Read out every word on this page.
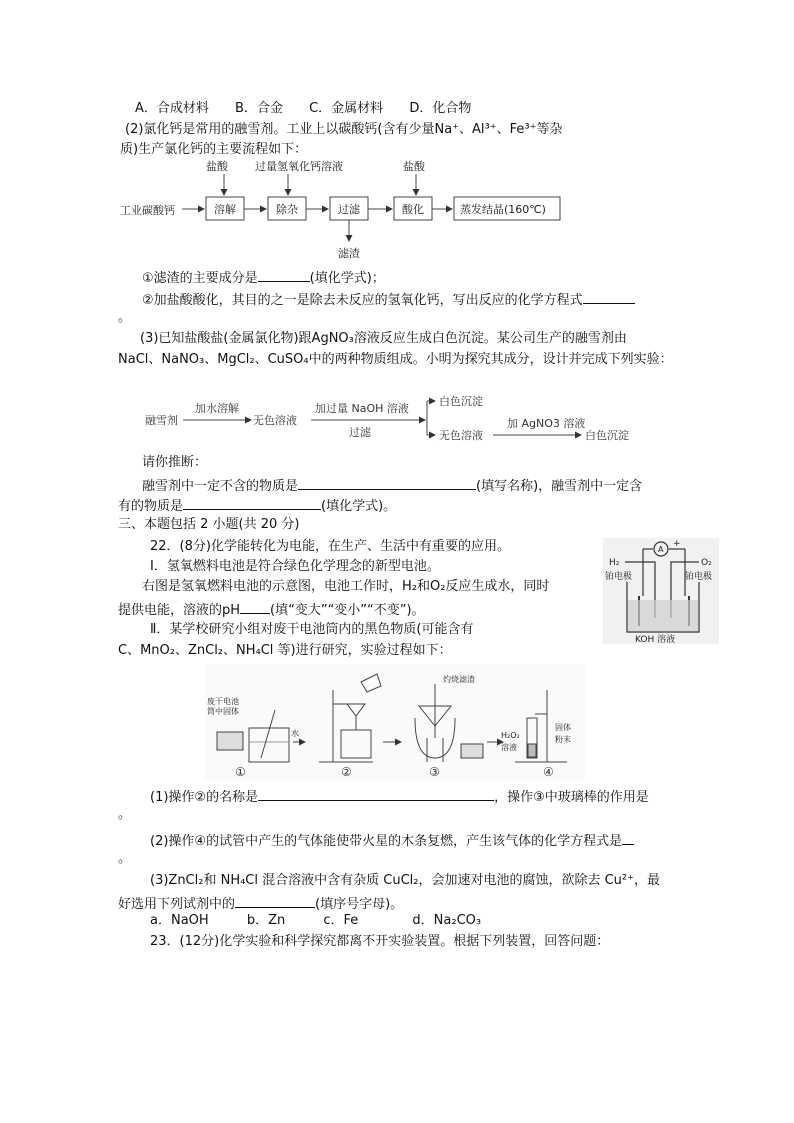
A．合成材料 B．合金 C．金属材料 D．化合物
(2)氯化钙是常用的融雪剂。工业上以碳酸钙(含有少量Na⁺、Al³⁺、Fe³⁺等杂
质)生产氯化钙的主要流程如下：
盐酸 过量氢氧化钙溶液	盐酸
工业碳酸钙	溶解	除杂	过滤	酸化	蒸发结晶(160℃)
滤渣
①滤渣的主要成分是	(填化学式)；
②加盐酸酸化，其目的之一是除去未反应的氢氧化钙，写出反应的化学方程式
。
(3)已知盐酸盐(金属氯化物)跟AgNO₃溶液反应生成白色沉淀。某公司生产的融雪剂由
NaCl、NaNO₃、MgCl₂、CuSO₄中的两种物质组成。小明为探究其成分，设计并完成下列实验：
融雪剂
加水溶解
无色溶液
加过量 NaOH 溶液
过滤
白色沉淀
无色溶液
加 AgNO3 溶液
白色沉淀
请你推断：
融雪剂中一定不含的物质是	(填写名称)，融雪剂中一定含
有的物质是	(填化学式)。
三、本题包括 2 小题(共 20 分)
22．(8分)化学能转化为电能，在生产、生活中有重要的应用。
Ⅰ．氢氧燃料电池是符合绿色化学理念的新型电池。
右图是氢氧燃料电池的示意图，电池工作时，H₂和O₂反应生成水，同时
提供电能，溶液的pH (填“变大”“变小”“不变”)。
Ⅱ．某学校研究小组对废干电池筒内的黑色物质(可能含有
C、MnO₂、ZnCl₂、NH₄Cl 等)进行研究，实验过程如下：
A
+
H₂	O₂
铂电极	铂电极
KOH 溶液
废干电池
筒中固体
水
灼烧滤渣
H₂O₂
溶液
固体
粉末
①	②	③	④
(1)操作②的名称是	，操作③中玻璃棒的作用是
。
(2)操作④的试管中产生的气体能使带火星的木条复燃，产生该气体的化学方程式是
。
(3)ZnCl₂和 NH₄Cl 混合溶液中含有杂质 CuCl₂，会加速对电池的腐蚀，欲除去 Cu²⁺，最
好选用下列试剂中的	(填序号字母)。
a．NaOH	b．Zn	c．Fe	d．Na₂CO₃
23．(12分)化学实验和科学探究都离不开实验装置。根据下列装置，回答问题：
